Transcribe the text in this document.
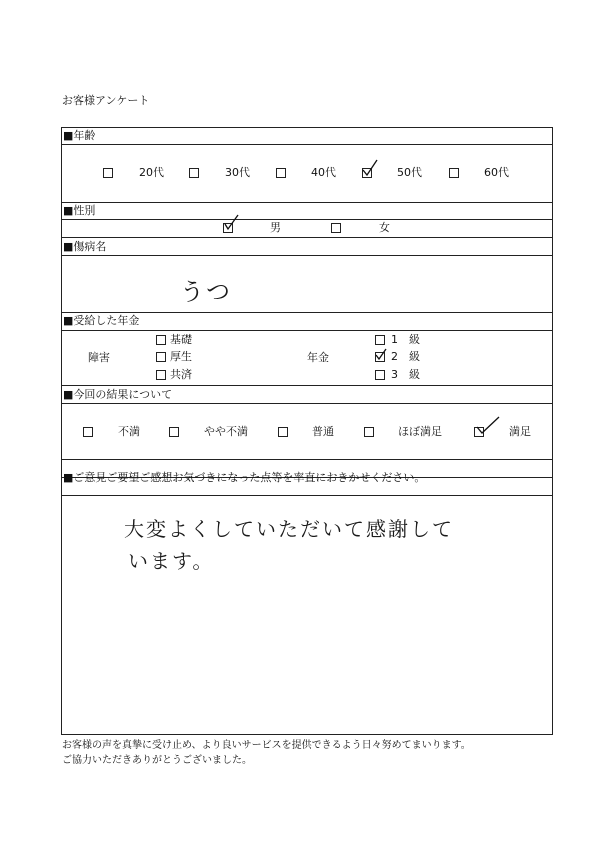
お客様アンケート
■年齢
20代	30代	40代	50代	60代
■性別
男	女
■傷病名
うつ
■受給した年金
障害
基礎
厚生
共済
年金
1　級
2　級
3　級
■今回の結果について
不満	やや不満	普通	ほぼ満足	満足
■ご意見ご要望ご感想お気づきになった点等を率直におきかせください。
大変よくしていただいて感謝して
います。
お客様の声を真摯に受け止め、より良いサービスを提供できるよう日々努めてまいります。
ご協力いただきありがとうございました。
